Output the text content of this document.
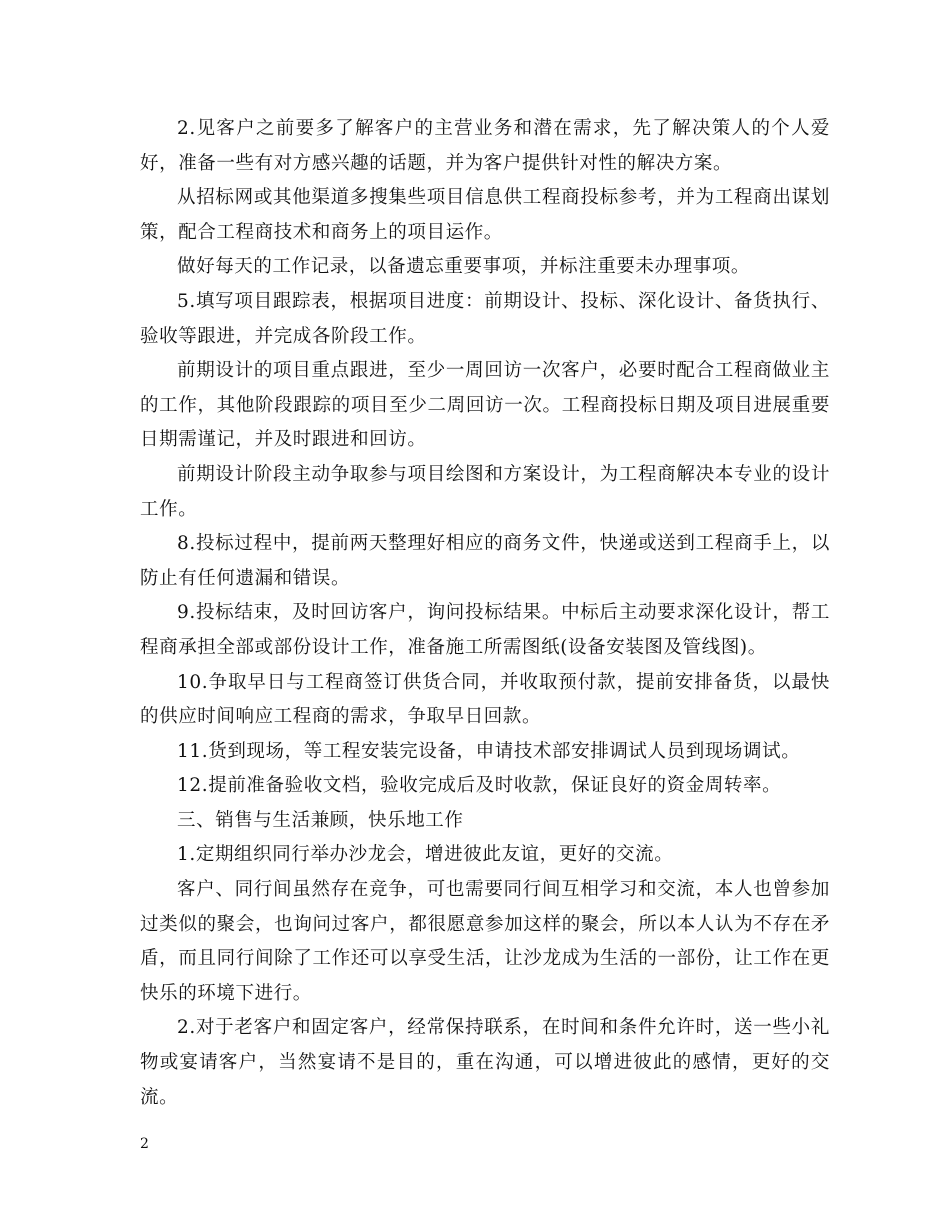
2.见客户之前要多了解客户的主营业务和潜在需求，先了解决策人的个人爱好，准备一些有对方感兴趣的话题，并为客户提供针对性的解决方案。

从招标网或其他渠道多搜集些项目信息供工程商投标参考，并为工程商出谋划策，配合工程商技术和商务上的项目运作。

做好每天的工作记录，以备遗忘重要事项，并标注重要未办理事项。

5.填写项目跟踪表，根据项目进度：前期设计、投标、深化设计、备货执行、验收等跟进，并完成各阶段工作。

前期设计的项目重点跟进，至少一周回访一次客户，必要时配合工程商做业主的工作，其他阶段跟踪的项目至少二周回访一次。工程商投标日期及项目进展重要日期需谨记，并及时跟进和回访。

前期设计阶段主动争取参与项目绘图和方案设计，为工程商解决本专业的设计工作。

8.投标过程中，提前两天整理好相应的商务文件，快递或送到工程商手上，以防止有任何遗漏和错误。

9.投标结束，及时回访客户，询问投标结果。中标后主动要求深化设计，帮工程商承担全部或部份设计工作，准备施工所需图纸(设备安装图及管线图)。

10.争取早日与工程商签订供货合同，并收取预付款，提前安排备货，以最快的供应时间响应工程商的需求，争取早日回款。

11.货到现场，等工程安装完设备，申请技术部安排调试人员到现场调试。

12.提前准备验收文档，验收完成后及时收款，保证良好的资金周转率。

三、销售与生活兼顾，快乐地工作

1.定期组织同行举办沙龙会，增进彼此友谊，更好的交流。

客户、同行间虽然存在竞争，可也需要同行间互相学习和交流，本人也曾参加过类似的聚会，也询问过客户，都很愿意参加这样的聚会，所以本人认为不存在矛盾，而且同行间除了工作还可以享受生活，让沙龙成为生活的一部份，让工作在更快乐的环境下进行。

2.对于老客户和固定客户，经常保持联系，在时间和条件允许时，送一些小礼物或宴请客户，当然宴请不是目的，重在沟通，可以增进彼此的感情，更好的交流。

2
